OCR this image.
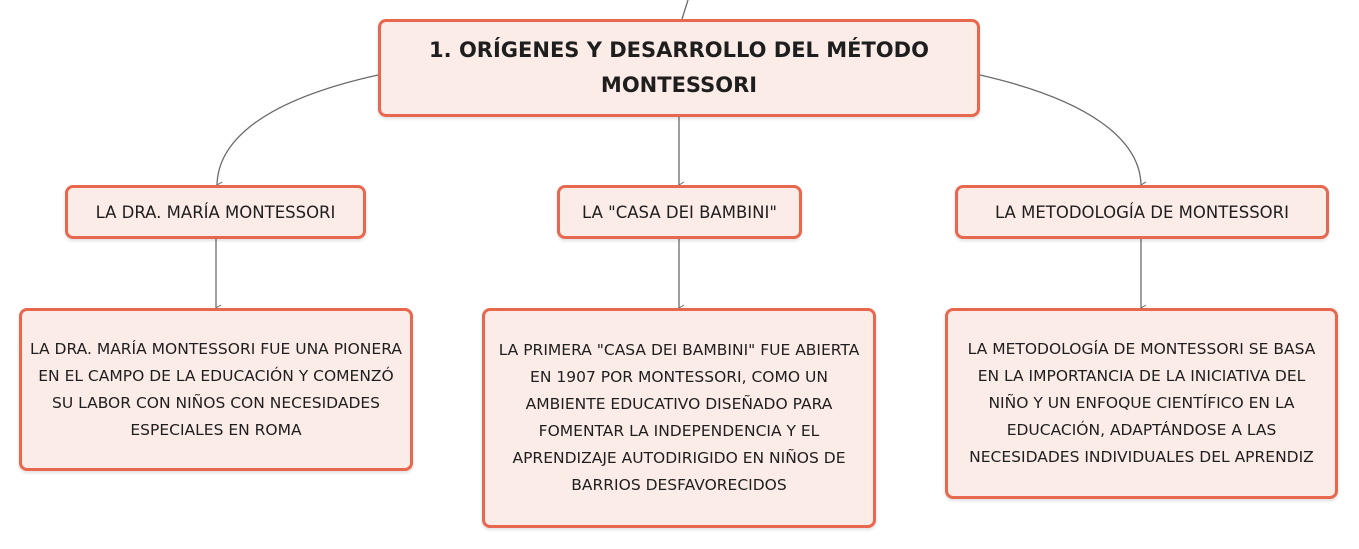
1. ORÍGENES Y DESARROLLO DEL MÉTODO MONTESSORI
LA DRA. MARÍA MONTESSORI	LA "CASA DEI BAMBINI"	LA METODOLOGÍA DE MONTESSORI
LA DRA. MARÍA MONTESSORI FUE UNA PIONERA EN EL CAMPO DE LA EDUCACIÓN Y COMENZÓ SU LABOR CON NIÑOS CON NECESIDADES ESPECIALES EN ROMA
LA PRIMERA "CASA DEI BAMBINI" FUE ABIERTA EN 1907 POR MONTESSORI, COMO UN AMBIENTE EDUCATIVO DISEÑADO PARA FOMENTAR LA INDEPENDENCIA Y EL APRENDIZAJE AUTODIRIGIDO EN NIÑOS DE BARRIOS DESFAVORECIDOS
LA METODOLOGÍA DE MONTESSORI SE BASA EN LA IMPORTANCIA DE LA INICIATIVA DEL NIÑO Y UN ENFOQUE CIENTÍFICO EN LA EDUCACIÓN, ADAPTÁNDOSE A LAS NECESIDADES INDIVIDUALES DEL APRENDIZ
